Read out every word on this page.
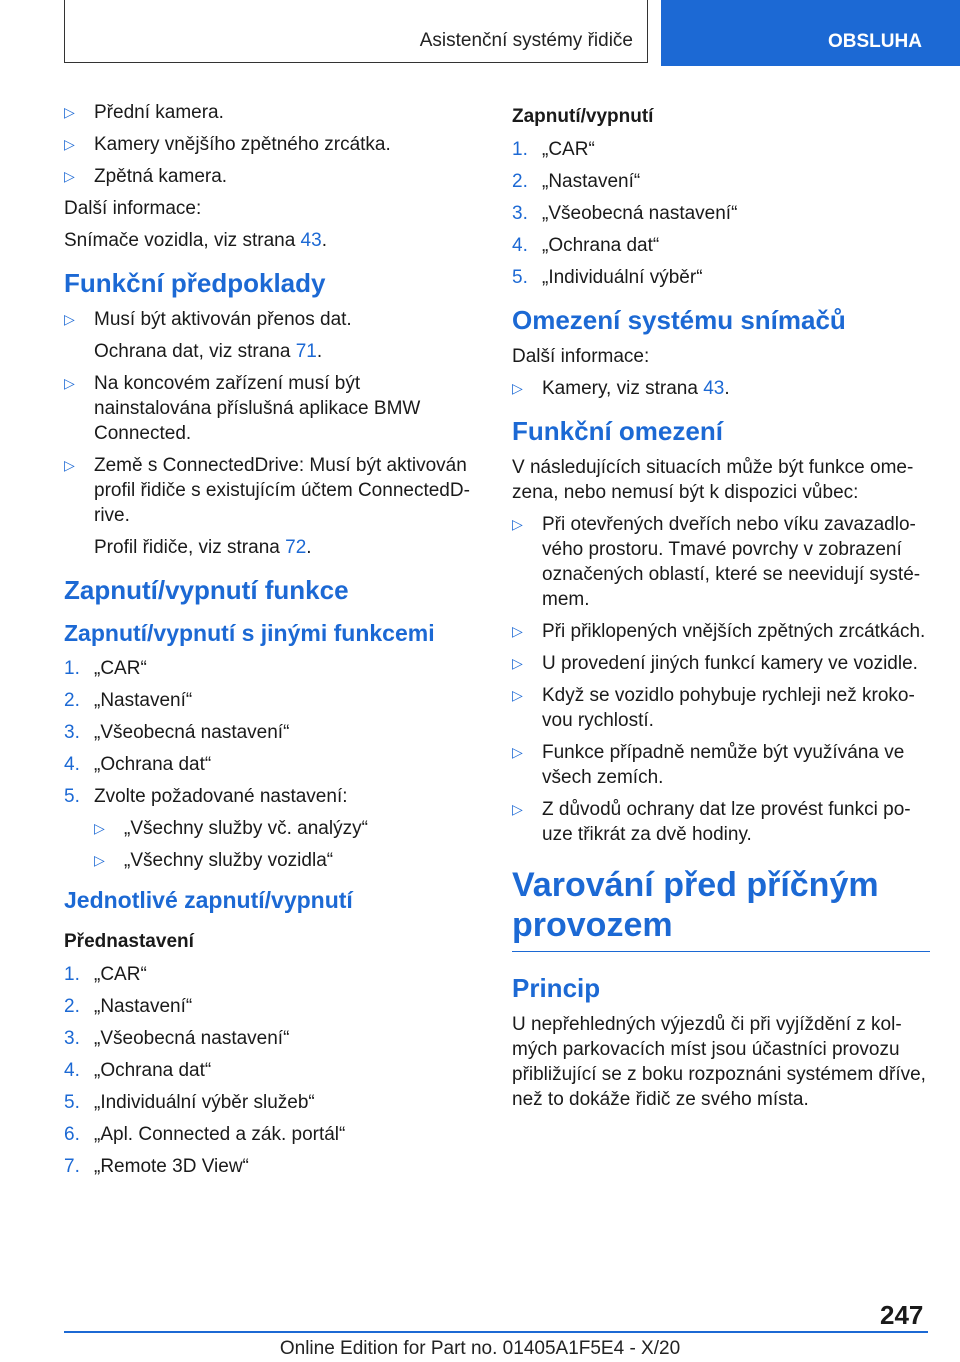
Asistenční systémy řidiče	OBSLUHA

▷ Přední kamera.

▷ Kamery vnějšího zpětného zrcátka.

▷ Zpětná kamera.

Další informace:

Snímače vozidla, viz strana 43.

Funkční předpoklady

▷ Musí být aktivován přenos dat.

Ochrana dat, viz strana 71.

▷ Na koncovém zařízení musí být nainstalována příslušná aplikace BMW Connected.

▷ Země s ConnectedDrive: Musí být aktivován profil řidiče s existujícím účtem ConnectedD-rive.

Profil řidiče, viz strana 72.

Zapnutí/vypnutí funkce
Zapnutí/vypnutí s jinými funkcemi

1. „CAR“

2. „Nastavení“

3. „Všeobecná nastavení“

4. „Ochrana dat“

5. Zvolte požadované nastavení:

▷ „Všechny služby vč. analýzy“

▷ „Všechny služby vozidla“

Jednotlivé zapnutí/vypnutí
Přednastavení

1. „CAR“

2. „Nastavení“

3. „Všeobecná nastavení“

4. „Ochrana dat“

5. „Individuální výběr služeb“

6. „Apl. Connected a zák. portál“

7. „Remote 3D View“

Zapnutí/vypnutí

1. „CAR“

2. „Nastavení“

3. „Všeobecná nastavení“

4. „Ochrana dat“

5. „Individuální výběr“

Omezení systému snímačů

Další informace:

▷ Kamery, viz strana 43.

Funkční omezení

V následujících situacích může být funkce ome-zena, nebo nemusí být k dispozici vůbec:

▷ Při otevřených dveřích nebo víku zavazadlo-vého prostoru. Tmavé povrchy v zobrazení označených oblastí, které se neevidují systé-mem.

▷ Při přiklopených vnějších zpětných zrcátkách.

▷ U provedení jiných funkcí kamery ve vozidle.

▷ Když se vozidlo pohybuje rychleji než kroko-vou rychlostí.

▷ Funkce případně nemůže být využívána ve všech zemích.

▷ Z důvodů ochrany dat lze provést funkci po-uze třikrát za dvě hodiny.

Varování před příčným provozem
Princip

U nepřehledných výjezdů či při vyjíždění z kol-mých parkovacích míst jsou účastníci provozu přibližující se z boku rozpoznáni systémem dříve, než to dokáže řidič ze svého místa.

247
Online Edition for Part no. 01405A1F5E4 - X/20
